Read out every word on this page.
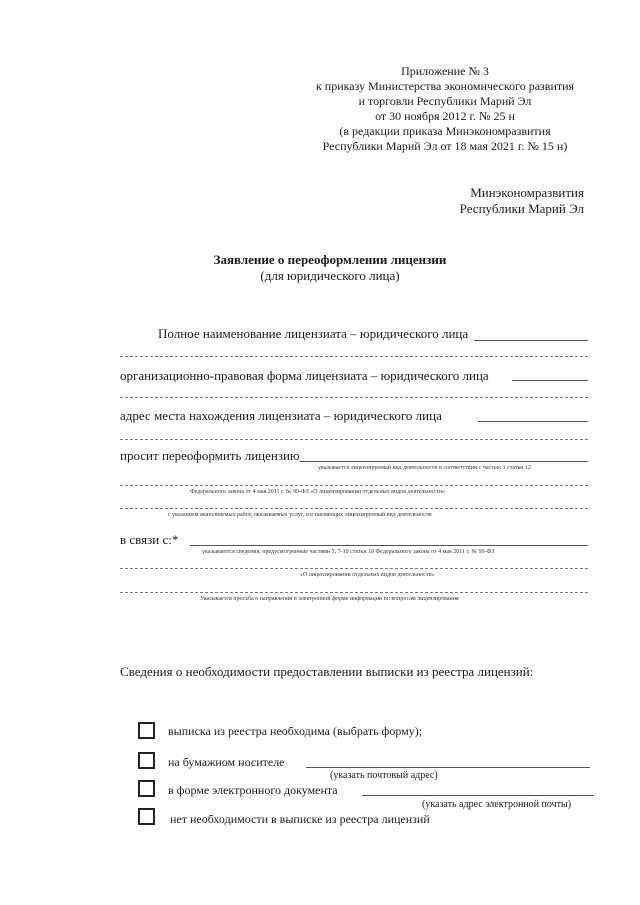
Приложение № 3
к приказу Министерства экономического развития
и торговли Республики Марий Эл
от 30 ноября 2012 г. № 25 н
(в редакции приказа Минэкономразвития
Республики Марий Эл от 18 мая 2021 г. № 15 н)
Минэкономразвития
Республики Марий Эл
Заявление о переоформлении лицензии
(для юридического лица)
Полное наименование лицензиата – юридического лица
организационно-правовая форма лицензиата – юридического лица
адрес места нахождения лицензиата – юридического лица
просит переоформить лицензию
указывается лицензируемый вид деятельности в соответствии с частью 1 статьи 12
Федерального закона от 4 мая 2011 г. № 99-ФЗ «О лицензировании отдельных видов деятельности»
с указанием выполняемых работ, оказываемых услуг, составляющих лицензируемый вид деятельности
в связи с:*
указываются сведения, предусмотренные частями 5, 7-10 статьи 18 Федерального закона от 4 мая 2011 г. № 99-ФЗ
«О лицензировании отдельных видов деятельности»
Указывается просьба о направлении в электронной форме информации по вопросам лицензирования
Сведения о необходимости предоставлении выписки из реестра лицензий:
выписка из реестра необходима (выбрать форму);
на бумажном носителе
(указать почтовый адрес)
в форме электронного документа
(указать адрес электронной почты)
нет необходимости в выписке из реестра лицензий
